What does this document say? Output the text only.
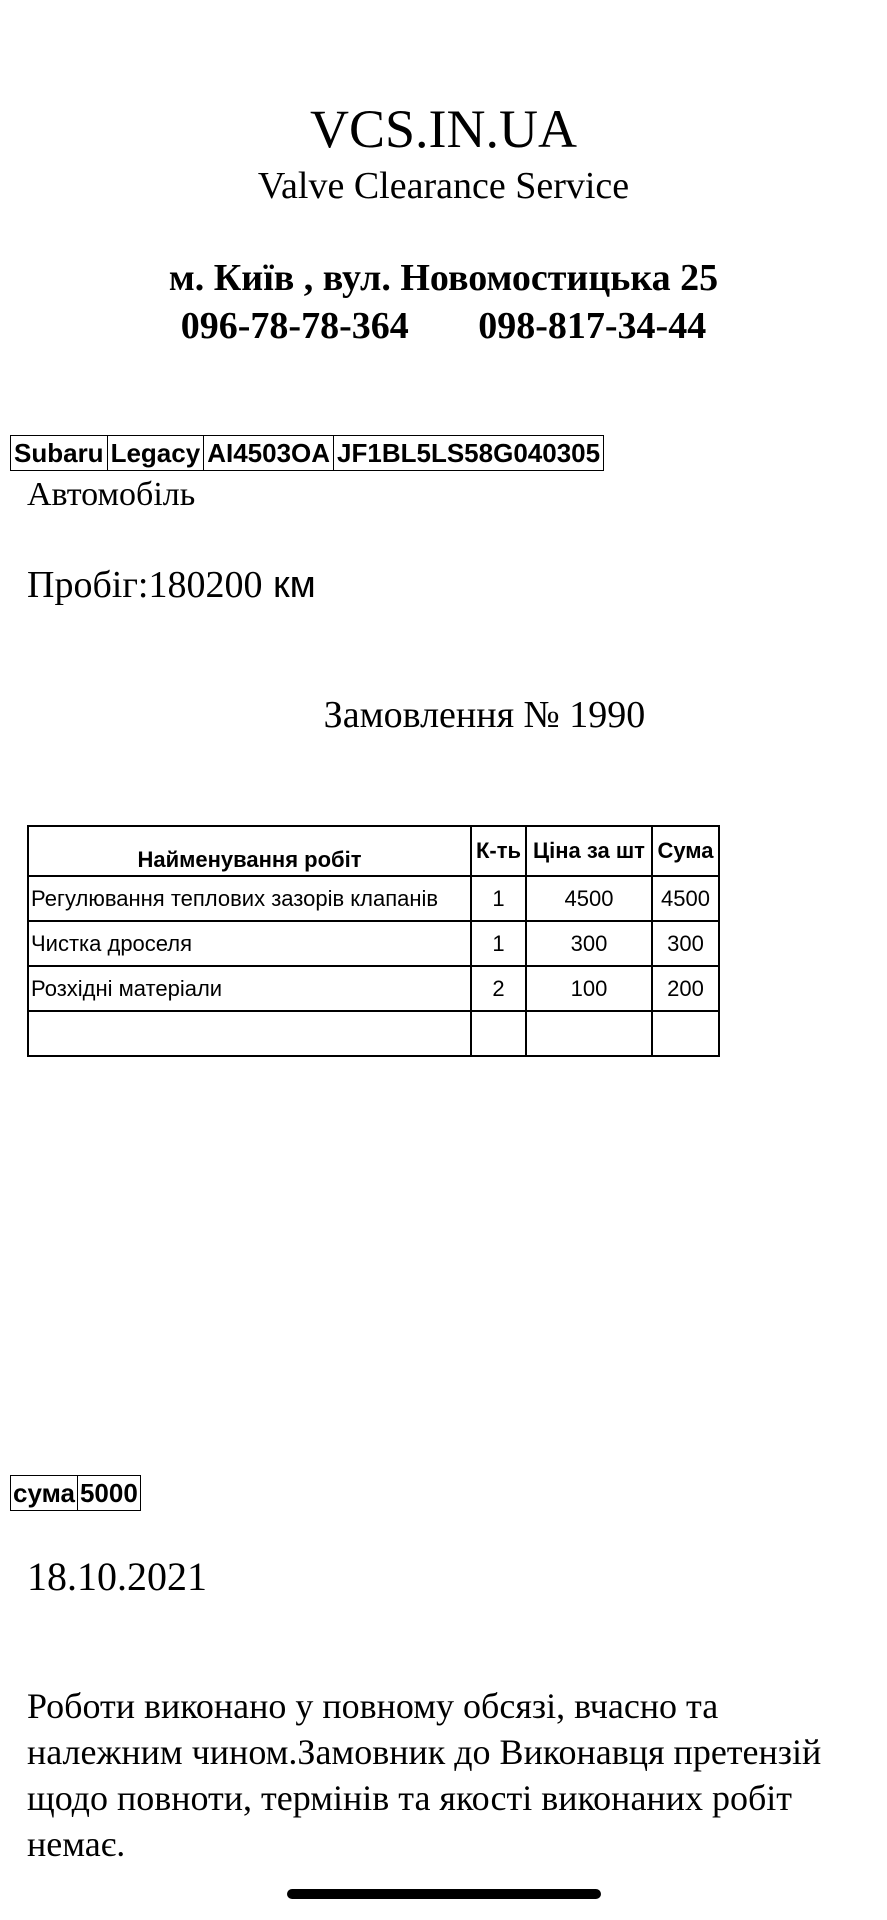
VCS.IN.UA
Valve Clearance Service
м. Київ , вул. Новомостицька 25
096-78-78-364 098-817-34-44
Subaru Legacy AI4503OA JF1BL5LS58G040305
Автомобіль
Пробіг:180200 км
Замовлення № 1990
Найменування робіт	К-ть	Ціна за шт	Сума
Регулювання теплових зазорів клапанів	1	4500	4500
Чистка дроселя	1	300	300
Розхідні матеріали	2	100	200

сума 5000
18.10.2021
Роботи виконано у повному обсязі, вчасно та
належним чином.Замовник до Виконавця претензій
щодо повноти, термінів та якості виконаних робіт
немає.
